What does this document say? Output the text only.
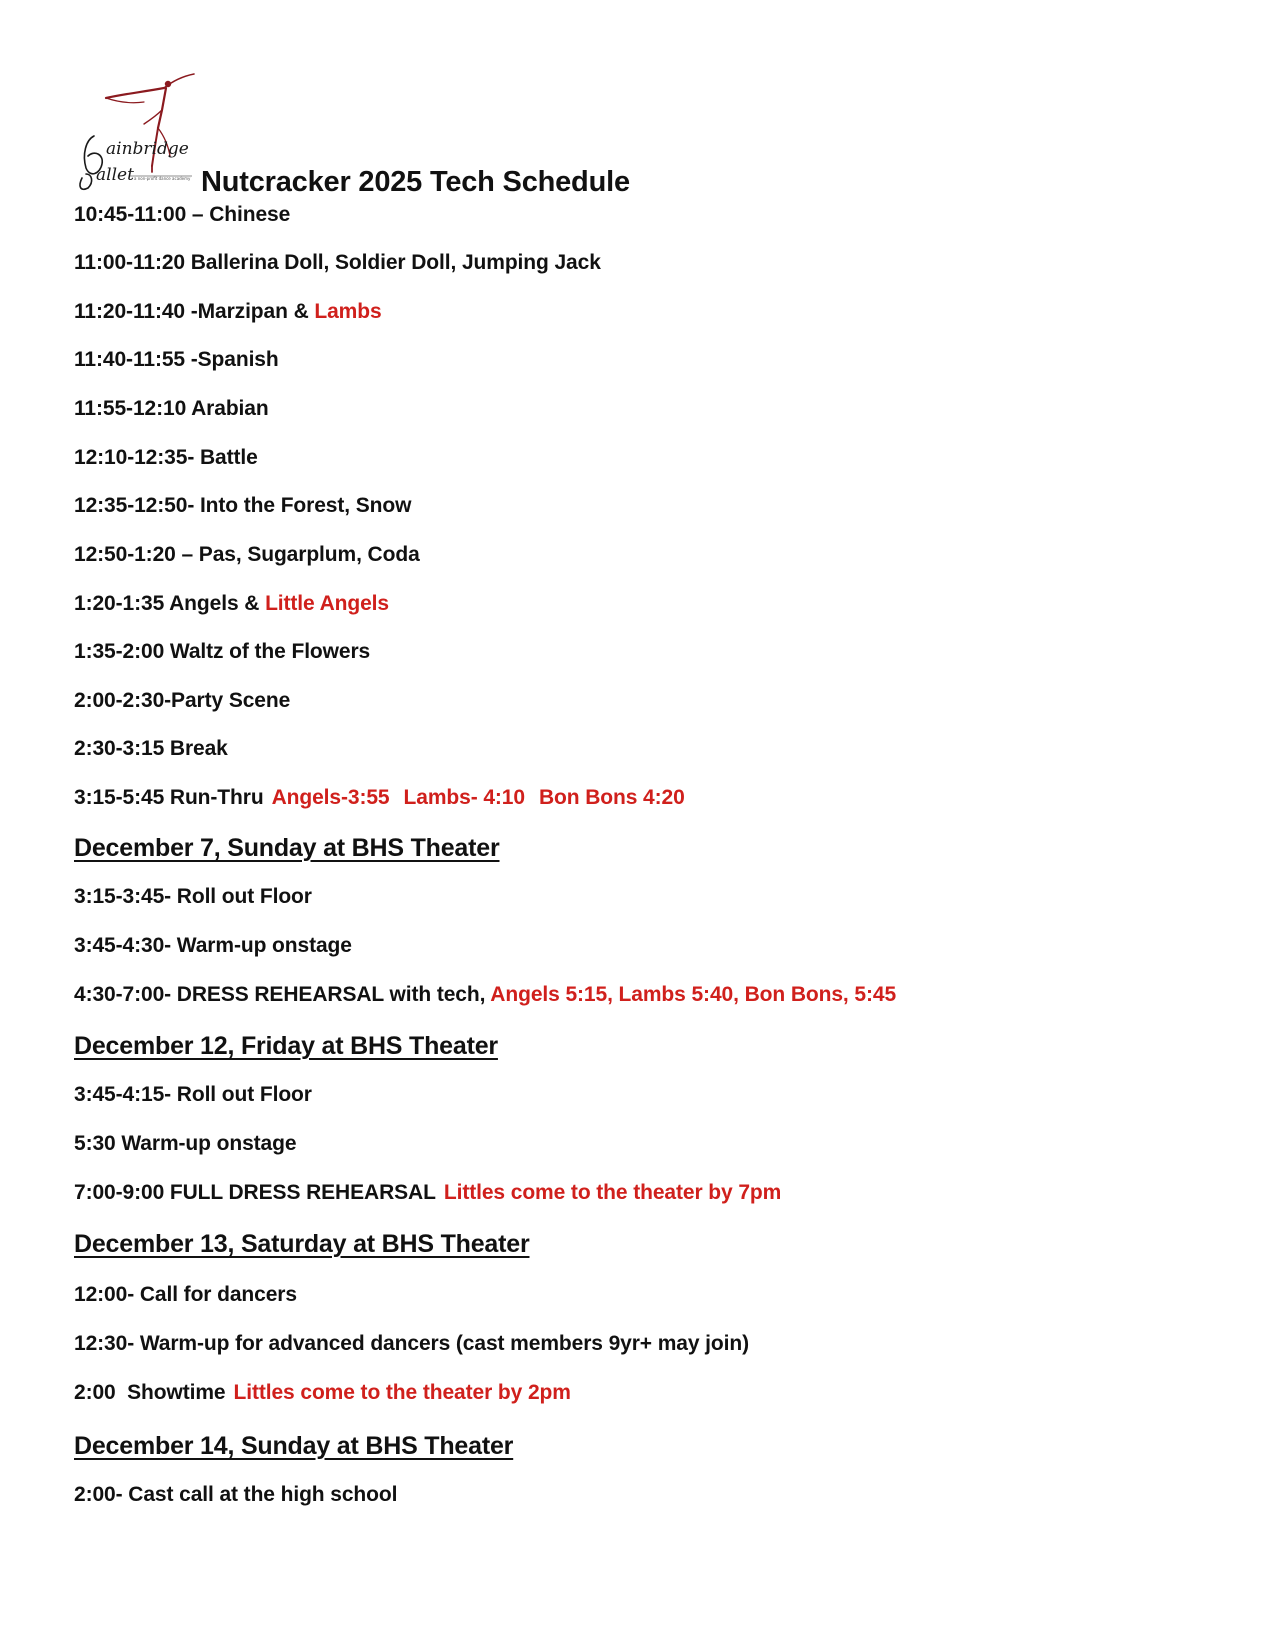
ainbridge
allet a non-profit dance academy Nutcracker 2025 Tech Schedule
10:45-11:00 – Chinese
11:00-11:20 Ballerina Doll, Soldier Doll, Jumping Jack
11:20-11:40 -Marzipan & Lambs
11:40-11:55 -Spanish
11:55-12:10 Arabian
12:10-12:35- Battle
12:35-12:50- Into the Forest, Snow
12:50-1:20 – Pas, Sugarplum, Coda
1:20-1:35 Angels & Little Angels
1:35-2:00 Waltz of the Flowers
2:00-2:30-Party Scene
2:30-3:15 Break
3:15-5:45 Run-Thru Angels-3:55 Lambs- 4:10 Bon Bons 4:20
December 7, Sunday at BHS Theater
3:15-3:45- Roll out Floor
3:45-4:30- Warm-up onstage
4:30-7:00- DRESS REHEARSAL with tech, Angels 5:15, Lambs 5:40, Bon Bons, 5:45
December 12, Friday at BHS Theater
3:45-4:15- Roll out Floor
5:30 Warm-up onstage
7:00-9:00 FULL DRESS REHEARSAL Littles come to the theater by 7pm
December 13, Saturday at BHS Theater
12:00- Call for dancers
12:30- Warm-up for advanced dancers (cast members 9yr+ may join)
2:00  Showtime Littles come to the theater by 2pm
December 14, Sunday at BHS Theater
2:00- Cast call at the high school
